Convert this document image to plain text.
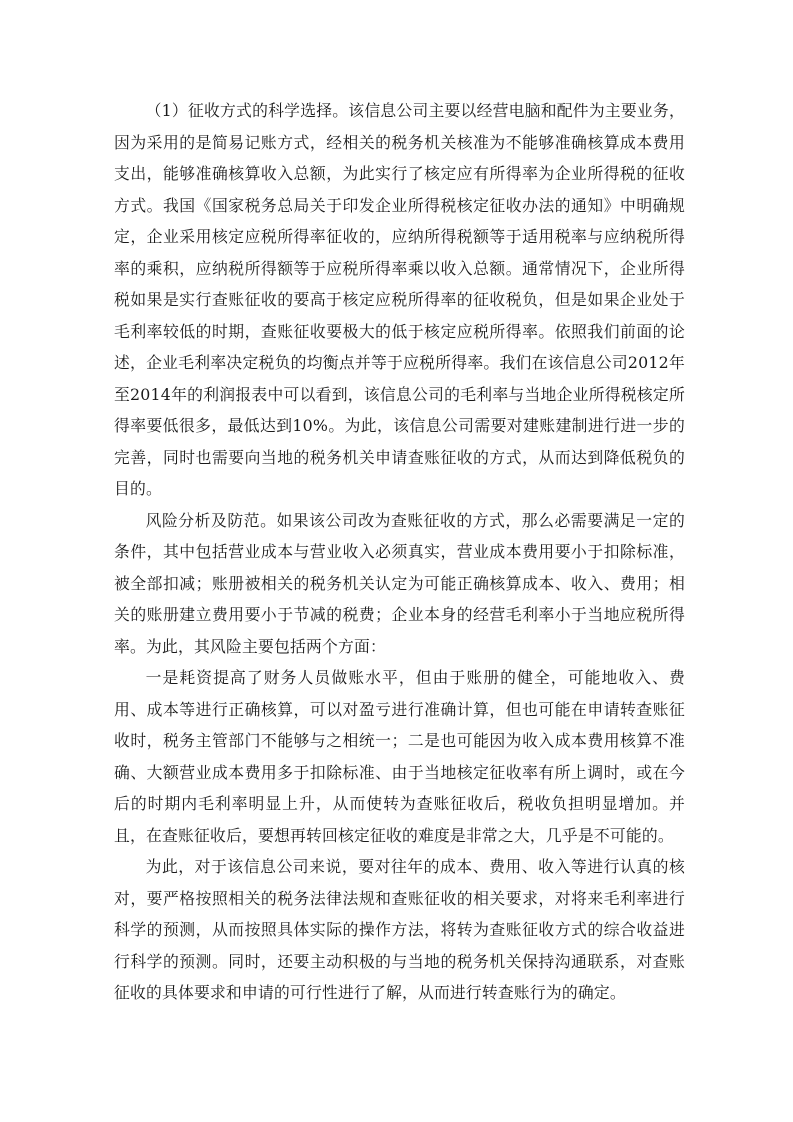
（1）征收方式的科学选择。该信息公司主要以经营电脑和配件为主要业务，因为采用的是简易记账方式，经相关的税务机关核准为不能够准确核算成本费用支出，能够准确核算收入总额，为此实行了核定应有所得率为企业所得税的征收方式。我国《国家税务总局关于印发企业所得税核定征收办法的通知》中明确规定，企业采用核定应税所得率征收的，应纳所得税额等于适用税率与应纳税所得率的乘积，应纳税所得额等于应税所得率乘以收入总额。通常情况下，企业所得税如果是实行查账征收的要高于核定应税所得率的征收税负，但是如果企业处于毛利率较低的时期，查账征收要极大的低于核定应税所得率。依照我们前面的论述，企业毛利率决定税负的均衡点并等于应税所得率。我们在该信息公司2012年至2014年的利润报表中可以看到，该信息公司的毛利率与当地企业所得税核定所得率要低很多，最低达到10%。为此，该信息公司需要对建账建制进行进一步的完善，同时也需要向当地的税务机关申请查账征收的方式，从而达到降低税负的目的。

风险分析及防范。如果该公司改为查账征收的方式，那么必需要满足一定的条件，其中包括营业成本与营业收入必须真实，营业成本费用要小于扣除标准，被全部扣减；账册被相关的税务机关认定为可能正确核算成本、收入、费用；相关的账册建立费用要小于节减的税费；企业本身的经营毛利率小于当地应税所得率。为此，其风险主要包括两个方面：

一是耗资提高了财务人员做账水平，但由于账册的健全，可能地收入、费用、成本等进行正确核算，可以对盈亏进行准确计算，但也可能在申请转查账征收时，税务主管部门不能够与之相统一；二是也可能因为收入成本费用核算不准确、大额营业成本费用多于扣除标准、由于当地核定征收率有所上调时，或在今后的时期内毛利率明显上升，从而使转为查账征收后，税收负担明显增加。并且，在查账征收后，要想再转回核定征收的难度是非常之大，几乎是不可能的。

为此，对于该信息公司来说，要对往年的成本、费用、收入等进行认真的核对，要严格按照相关的税务法律法规和查账征收的相关要求，对将来毛利率进行科学的预测，从而按照具体实际的操作方法，将转为查账征收方式的综合收益进行科学的预测。同时，还要主动积极的与当地的税务机关保持沟通联系，对查账征收的具体要求和申请的可行性进行了解，从而进行转查账行为的确定。
